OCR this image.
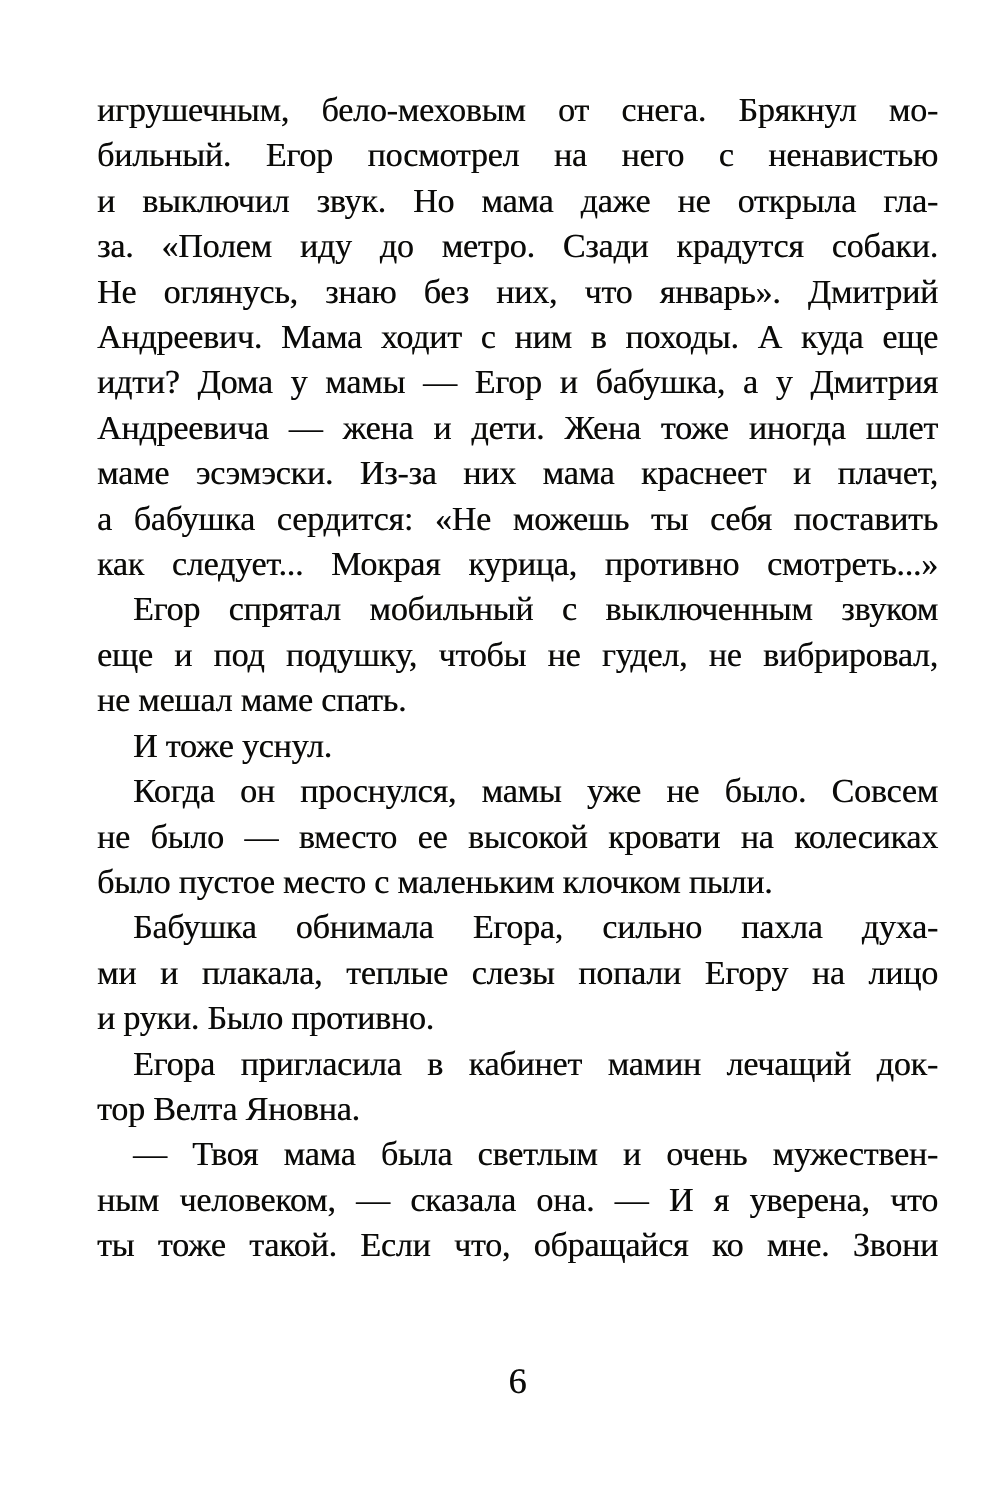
игрушечным, бело-меховым от снега. Брякнул мо-
бильный. Егор посмотрел на него с ненавистью
и выключил звук. Но мама даже не открыла гла-
за. «Полем иду до метро. Сзади крадутся собаки.
Не оглянусь, знаю без них, что январь». Дмитрий
Андреевич. Мама ходит с ним в походы. А куда еще
идти? Дома у мамы — Егор и бабушка, а у Дмитрия
Андреевича — жена и дети. Жена тоже иногда шлет
маме эсэмэски. Из-за них мама краснеет и плачет,
а бабушка сердится: «Не можешь ты себя поставить
как следует... Мокрая курица, противно смотреть...»
Егор спрятал мобильный с выключенным звуком
еще и под подушку, чтобы не гудел, не вибрировал,
не мешал маме спать.
И тоже уснул.
Когда он проснулся, мамы уже не было. Совсем
не было — вместо ее высокой кровати на колесиках
было пустое место с маленьким клочком пыли.
Бабушка обнимала Егора, сильно пахла духа-
ми и плакала, теплые слезы попали Егору на лицо
и руки. Было противно.
Егора пригласила в кабинет мамин лечащий док-
тор Велта Яновна.
— Твоя мама была светлым и очень мужествен-
ным человеком, — сказала она. — И я уверена, что
ты тоже такой. Если что, обращайся ко мне. Звони
6
